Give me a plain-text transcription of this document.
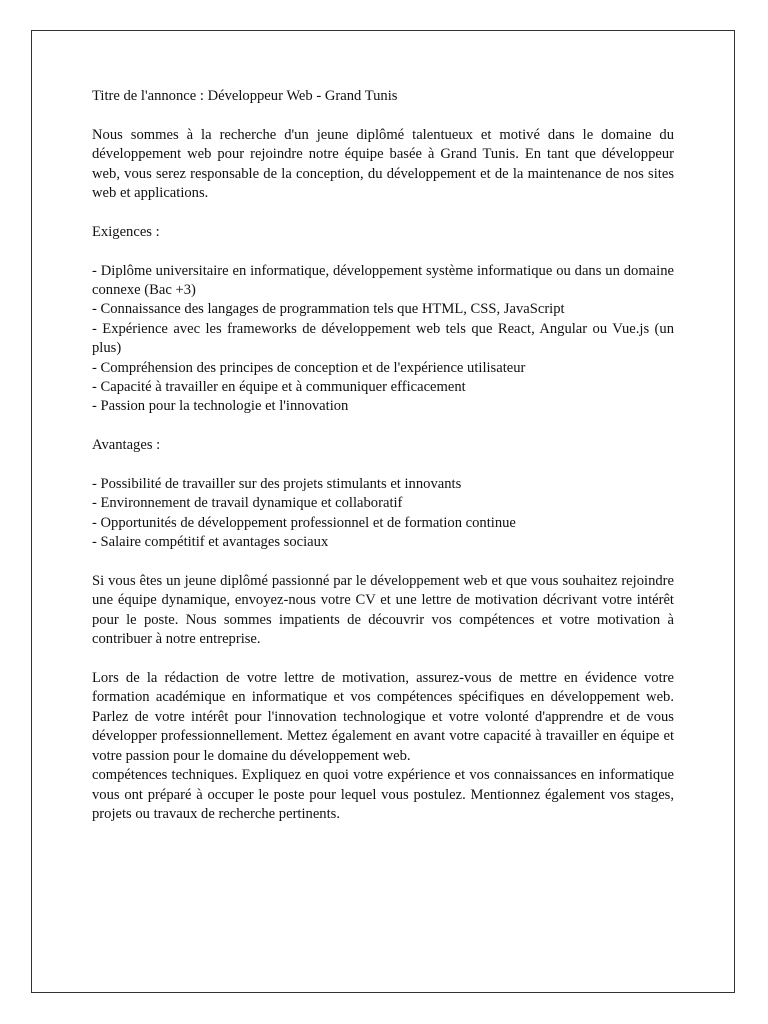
Titre de l'annonce : Développeur Web - Grand Tunis

Nous sommes à la recherche d'un jeune diplômé talentueux et motivé dans le domaine du développement web pour rejoindre notre équipe basée à Grand Tunis. En tant que développeur web, vous serez responsable de la conception, du développement et de la maintenance de nos sites web et applications.

Exigences :

- Diplôme universitaire en informatique, développement système informatique ou dans un domaine connexe (Bac +3)

- Connaissance des langages de programmation tels que HTML, CSS, JavaScript

- Expérience avec les frameworks de développement web tels que React, Angular ou Vue.js (un plus)

- Compréhension des principes de conception et de l'expérience utilisateur

- Capacité à travailler en équipe et à communiquer efficacement

- Passion pour la technologie et l'innovation

Avantages :

- Possibilité de travailler sur des projets stimulants et innovants

- Environnement de travail dynamique et collaboratif

- Opportunités de développement professionnel et de formation continue

- Salaire compétitif et avantages sociaux

Si vous êtes un jeune diplômé passionné par le développement web et que vous souhaitez rejoindre une équipe dynamique, envoyez-nous votre CV et une lettre de motivation décrivant votre intérêt pour le poste. Nous sommes impatients de découvrir vos compétences et votre motivation à contribuer à notre entreprise.

Lors de la rédaction de votre lettre de motivation, assurez-vous de mettre en évidence votre formation académique en informatique et vos compétences spécifiques en développement web. Parlez de votre intérêt pour l'innovation technologique et votre volonté d'apprendre et de vous développer professionnellement. Mettez également en avant votre capacité à travailler en équipe et votre passion pour le domaine du développement web.

compétences techniques. Expliquez en quoi votre expérience et vos connaissances en informatique vous ont préparé à occuper le poste pour lequel vous postulez. Mentionnez également vos stages, projets ou travaux de recherche pertinents.
